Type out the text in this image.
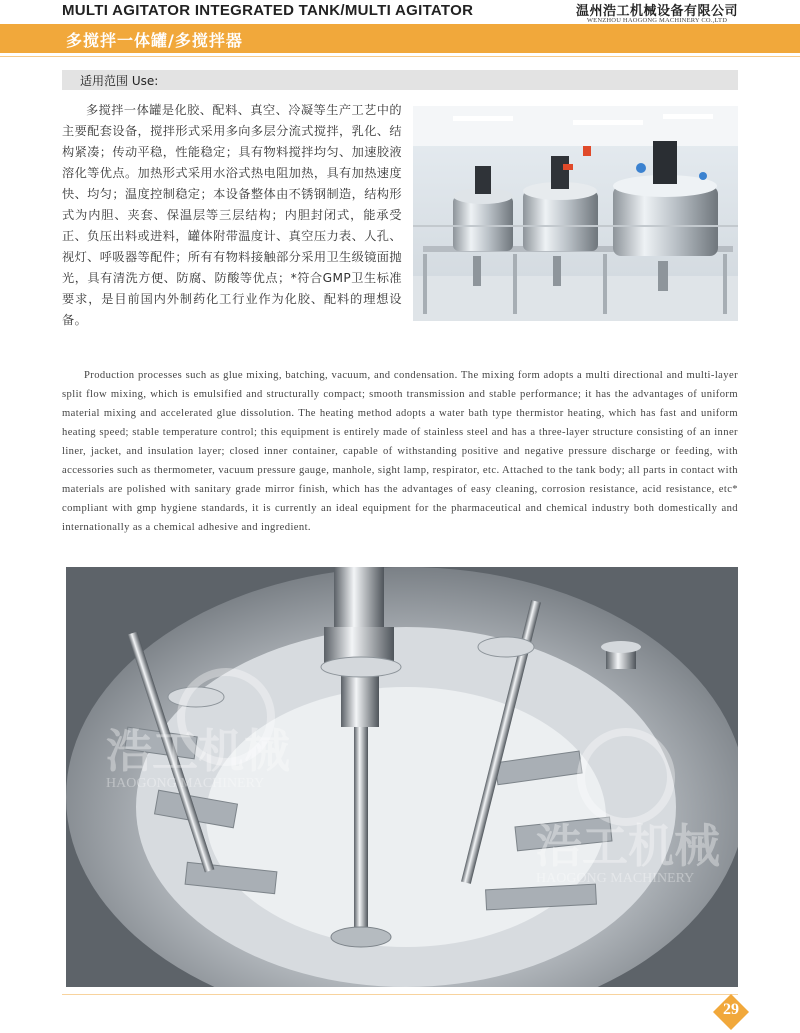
MULTI AGITATOR INTEGRATED TANK/MULTI AGITATOR	温州浩工机械设备有限公司
WENZHOU HAOGONG MACHINERY CO.,LTD
多搅拌一体罐/多搅拌器
适用范围 Use:
多搅拌一体罐是化胶、配料、真空、冷凝等生产工艺中的主要配套设备，搅拌形式采用多向多层分流式搅拌，乳化、结构紧凑；传动平稳，性能稳定；具有物料搅拌均匀、加速胶液溶化等优点。加热形式采用水浴式热电阻加热，具有加热速度快、均匀；温度控制稳定；本设备整体由不锈钢制造，结构形式为内胆、夹套、保温层等三层结构；内胆封闭式，能承受正、负压出料或进料，罐体附带温度计、真空压力表、人孔、视灯、呼吸器等配件；所有有物料接触部分采用卫生级镜面抛光，具有清洗方便、防腐、防酸等优点；*符合GMP卫生标准要求，是目前国内外制药化工行业作为化胶、配料的理想设备。
Production processes such as glue mixing, batching, vacuum, and condensation. The mixing form adopts a multi directional and multi-layer split flow mixing, which is emulsified and structurally compact; smooth transmission and stable performance; it has the advantages of uniform material mixing and accelerated glue dissolution. The heating method adopts a water bath type thermistor heating, which has fast and uniform heating speed; stable temperature control; this equipment is entirely made of stainless steel and has a three-layer structure consisting of an inner liner, jacket, and insulation layer; closed inner container, capable of withstanding positive and negative pressure discharge or feeding, with accessories such as thermometer, vacuum pressure gauge, manhole, sight lamp, respirator, etc. Attached to the tank body; all parts in contact with materials are polished with sanitary grade mirror finish, which has the advantages of easy cleaning, corrosion resistance, acid resistance, etc* compliant with gmp hygiene standards, it is currently an ideal equipment for the pharmaceutical and chemical industry both domestically and internationally as a chemical adhesive and ingredient.
浩工机械
HAOGONG MACHINERY
浩工机械
HAOGONG MACHINERY
29
